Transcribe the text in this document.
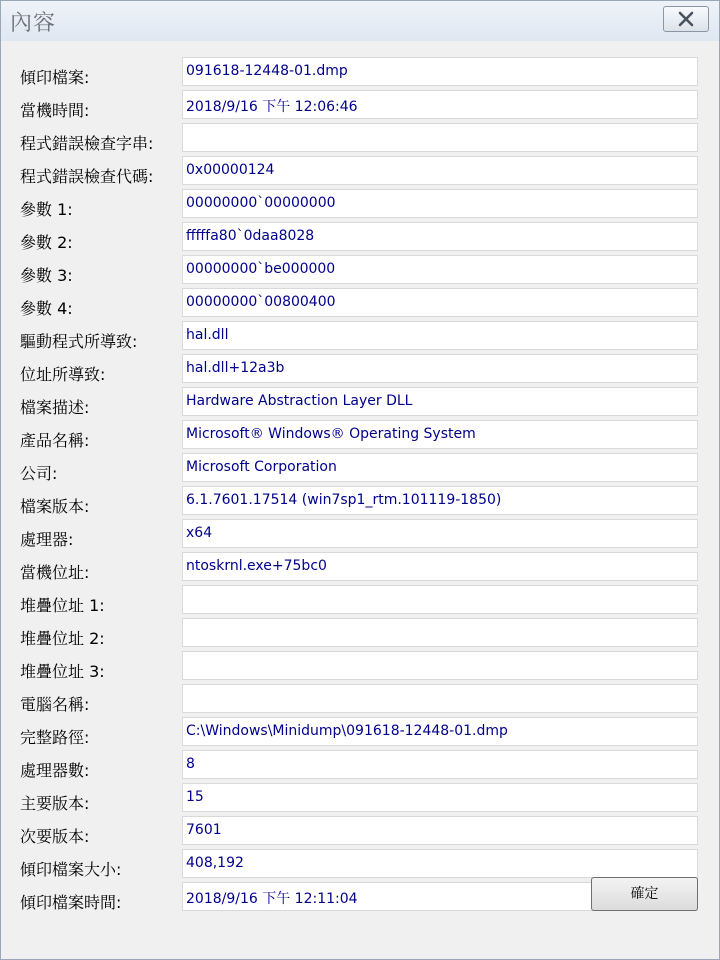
內容
傾印檔案:	091618-12448-01.dmp
當機時間:	2018/9/16 下午 12:06:46
程式錯誤檢查字串:
程式錯誤檢查代碼: 0x00000124
參數 1:	00000000`00000000
參數 2:	fffffa80`0daa8028
參數 3:	00000000`be000000
參數 4:	00000000`00800400
驅動程式所導致:	hal.dll
位址所導致:	hal.dll+12a3b
檔案描述:	Hardware Abstraction Layer DLL
產品名稱:	Microsoft® Windows® Operating System
公司:	Microsoft Corporation
檔案版本:	6.1.7601.17514 (win7sp1_rtm.101119-1850)
處理器:	x64
當機位址:	ntoskrnl.exe+75bc0
堆疊位址 1:
堆疊位址 2:
堆疊位址 3:
電腦名稱:
完整路徑:	C:\Windows\Minidump\091618-12448-01.dmp
處理器數:	8
主要版本:	15
次要版本:	7601
傾印檔案大小:	408,192
傾印檔案時間:	2018/9/16 下午 12:11:04	確定
